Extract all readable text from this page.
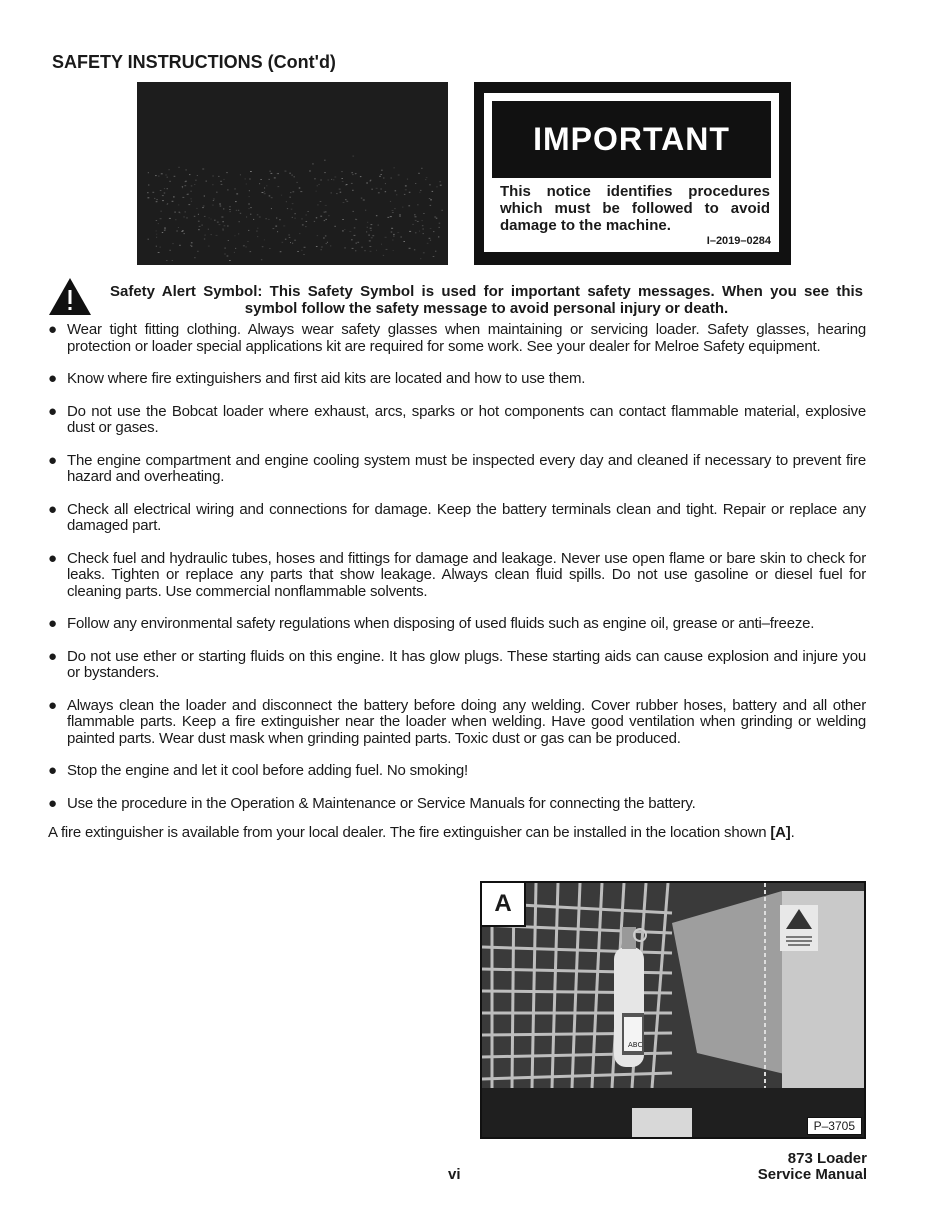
SAFETY INSTRUCTIONS (Cont'd)
IMPORTANT
This notice identifies procedures which must be followed to avoid damage to the machine.
I–2019–0284
Safety Alert Symbol: This Safety Symbol is used for important safety messages. When you see this
symbol follow the safety message to avoid personal injury or death.
● Wear tight fitting clothing. Always wear safety glasses when maintaining or servicing loader. Safety glasses, hearing protection or loader special applications kit are required for some work. See your dealer for Melroe Safety equipment.
● Know where fire extinguishers and first aid kits are located and how to use them.
● Do not use the Bobcat loader where exhaust, arcs, sparks or hot components can contact flammable material, explosive dust or gases.
● The engine compartment and engine cooling system must be inspected every day and cleaned if necessary to prevent fire hazard and overheating.
● Check all electrical wiring and connections for damage. Keep the battery terminals clean and tight. Repair or replace any damaged part.
● Check fuel and hydraulic tubes, hoses and fittings for damage and leakage. Never use open flame or bare skin to check for leaks. Tighten or replace any parts that show leakage. Always clean fluid spills. Do not use gasoline or diesel fuel for cleaning parts. Use commercial nonflammable solvents.
● Follow any environmental safety regulations when disposing of used fluids such as engine oil, grease or anti–freeze.
● Do not use ether or starting fluids on this engine. It has glow plugs. These starting aids can cause explosion and injure you or bystanders.
● Always clean the loader and disconnect the battery before doing any welding. Cover rubber hoses, battery and all other flammable parts. Keep a fire extinguisher near the loader when welding. Have good ventilation when grinding or welding painted parts. Wear dust mask when grinding painted parts. Toxic dust or gas can be produced.
● Stop the engine and let it cool before adding fuel. No smoking!
● Use the procedure in the Operation & Maintenance or Service Manuals for connecting the battery.
A fire extinguisher is available from your local dealer. The fire extinguisher can be installed in the location shown [A].
ABC
A
P–3705
vi
873 Loader
Service Manual
